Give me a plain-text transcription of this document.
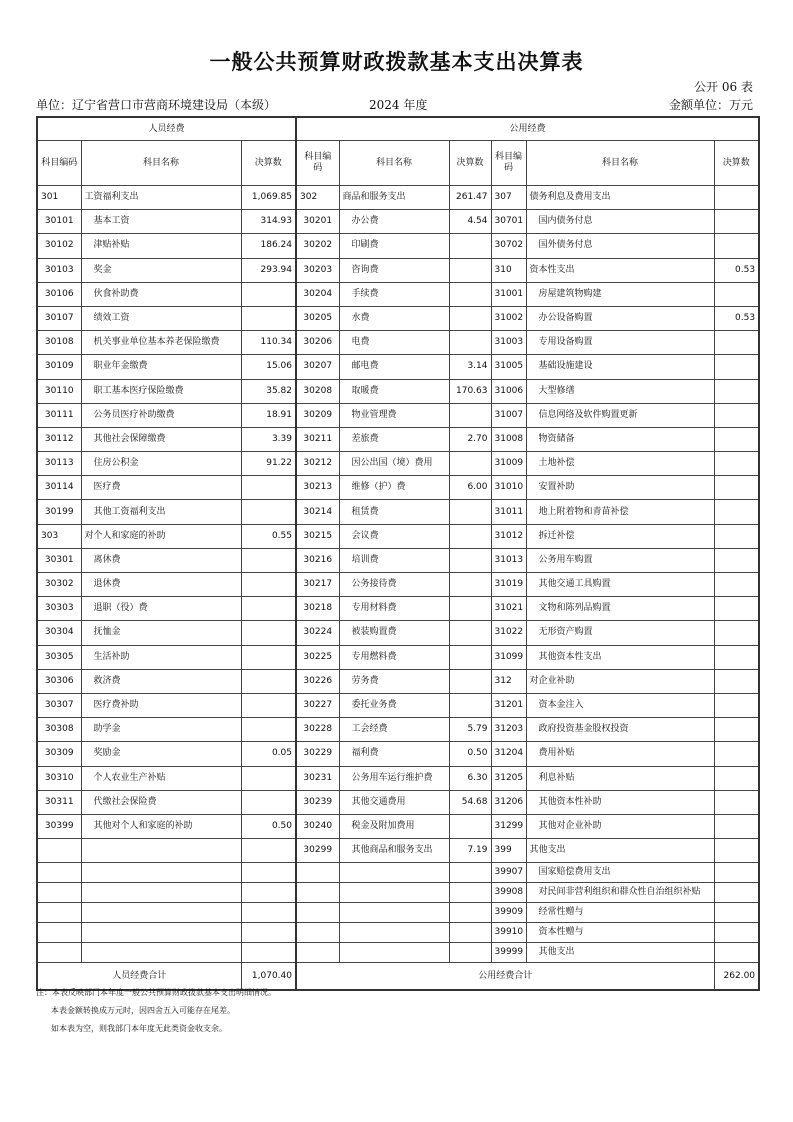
一般公共预算财政拨款基本支出决算表
公开 06 表
单位：辽宁省营口市营商环境建设局（本级）	2024 年度	金额单位：万元
人员经费			公用经费					
科目编码	科目名称	决算数	科目编码	科目名称	决算数	科目编码	科目名称	决算数
301	工资福利支出	1,069.85	302	商品和服务支出	261.47	307	债务利息及费用支出	
30101	基本工资	314.93	30201	办公费	4.54	30701	国内债务付息	
30102	津贴补贴	186.24	30202	印刷费		30702	国外债务付息	
30103	奖金	293.94	30203	咨询费		310	资本性支出	0.53
30106	伙食补助费		30204	手续费		31001	房屋建筑物购建	
30107	绩效工资		30205	水费		31002	办公设备购置	0.53
30108	机关事业单位基本养老保险缴费	110.34	30206	电费		31003	专用设备购置	
30109	职业年金缴费	15.06	30207	邮电费	3.14	31005	基础设施建设	
30110	职工基本医疗保险缴费	35.82	30208	取暖费	170.63	31006	大型修缮	
30111	公务员医疗补助缴费	18.91	30209	物业管理费		31007	信息网络及软件购置更新	
30112	其他社会保障缴费	3.39	30211	差旅费	2.70	31008	物资储备	
30113	住房公积金	91.22	30212	因公出国（境）费用		31009	土地补偿	
30114	医疗费		30213	维修（护）费	6.00	31010	安置补助	
30199	其他工资福利支出		30214	租赁费		31011	地上附着物和青苗补偿	
303	对个人和家庭的补助	0.55	30215	会议费		31012	拆迁补偿	
30301	离休费		30216	培训费		31013	公务用车购置	
30302	退休费		30217	公务接待费		31019	其他交通工具购置	
30303	退职（役）费		30218	专用材料费		31021	文物和陈列品购置	
30304	抚恤金		30224	被装购置费		31022	无形资产购置	
30305	生活补助		30225	专用燃料费		31099	其他资本性支出	
30306	救济费		30226	劳务费		312	对企业补助	
30307	医疗费补助		30227	委托业务费		31201	资本金注入	
30308	助学金		30228	工会经费	5.79	31203	政府投资基金股权投资	
30309	奖励金	0.05	30229	福利费	0.50	31204	费用补贴	
30310	个人农业生产补贴		30231	公务用车运行维护费	6.30	31205	利息补贴	
30311	代缴社会保险费		30239	其他交通费用	54.68	31206	其他资本性补助	
30399	其他对个人和家庭的补助	0.50	30240	税金及附加费用		31299	其他对企业补助	
			30299	其他商品和服务支出	7.19	399	其他支出	
						39907	国家赔偿费用支出	
						39908	对民间非营利组织和群众性自治组织补贴	
						39909	经常性赠与	
						39910	资本性赠与	
						39999	其他支出	
人员经费合计		1,070.40	公用经费合计					262.00
注：本表反映部门本年度一般公共预算财政拨款基本支出明细情况。
本表金额转换成万元时，因四舍五入可能存在尾差。
如本表为空，则我部门本年度无此类资金收支余。
